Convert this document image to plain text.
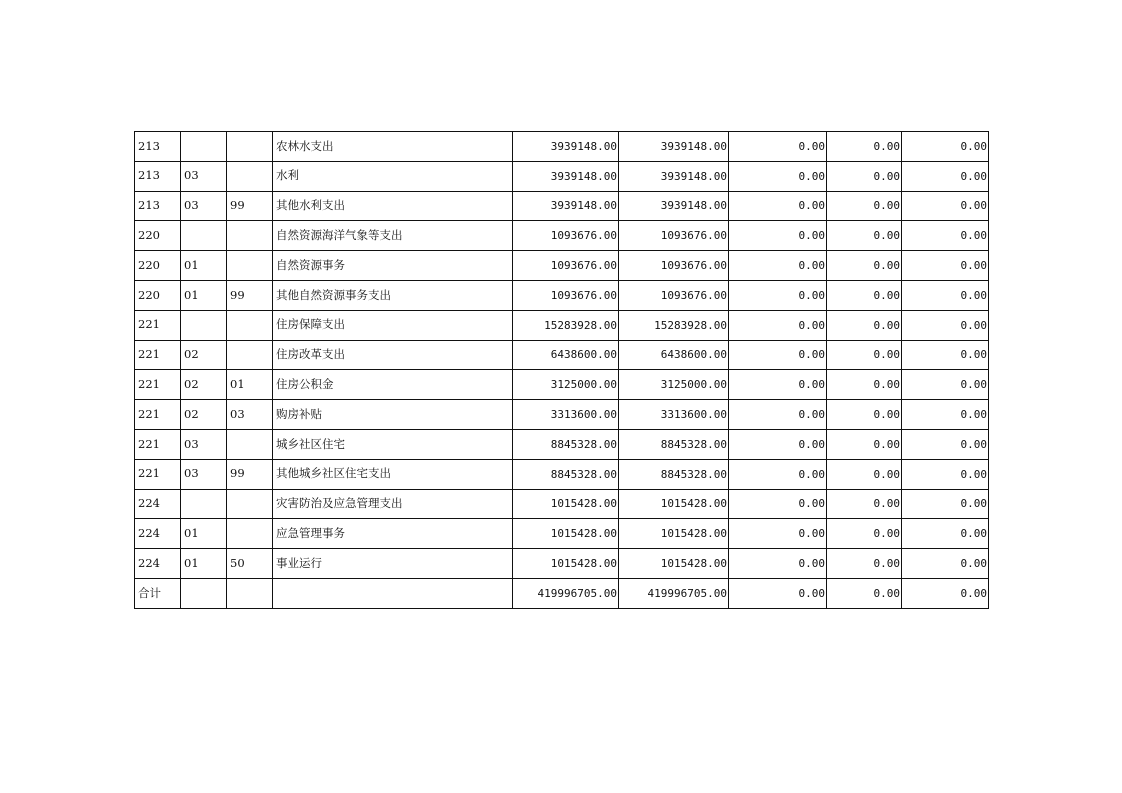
213			农林水支出	3939148.00	3939148.00	0.00	0.00	0.00
213	03		水利	3939148.00	3939148.00	0.00	0.00	0.00
213	03	99	其他水利支出	3939148.00	3939148.00	0.00	0.00	0.00
220			自然资源海洋气象等支出	1093676.00	1093676.00	0.00	0.00	0.00
220	01		自然资源事务	1093676.00	1093676.00	0.00	0.00	0.00
220	01	99	其他自然资源事务支出	1093676.00	1093676.00	0.00	0.00	0.00
221			住房保障支出	15283928.00	15283928.00	0.00	0.00	0.00
221	02		住房改革支出	6438600.00	6438600.00	0.00	0.00	0.00
221	02	01	住房公积金	3125000.00	3125000.00	0.00	0.00	0.00
221	02	03	购房补贴	3313600.00	3313600.00	0.00	0.00	0.00
221	03		城乡社区住宅	8845328.00	8845328.00	0.00	0.00	0.00
221	03	99	其他城乡社区住宅支出	8845328.00	8845328.00	0.00	0.00	0.00
224			灾害防治及应急管理支出	1015428.00	1015428.00	0.00	0.00	0.00
224	01		应急管理事务	1015428.00	1015428.00	0.00	0.00	0.00
224	01	50	事业运行	1015428.00	1015428.00	0.00	0.00	0.00
合计				419996705.00	419996705.00	0.00	0.00	0.00
